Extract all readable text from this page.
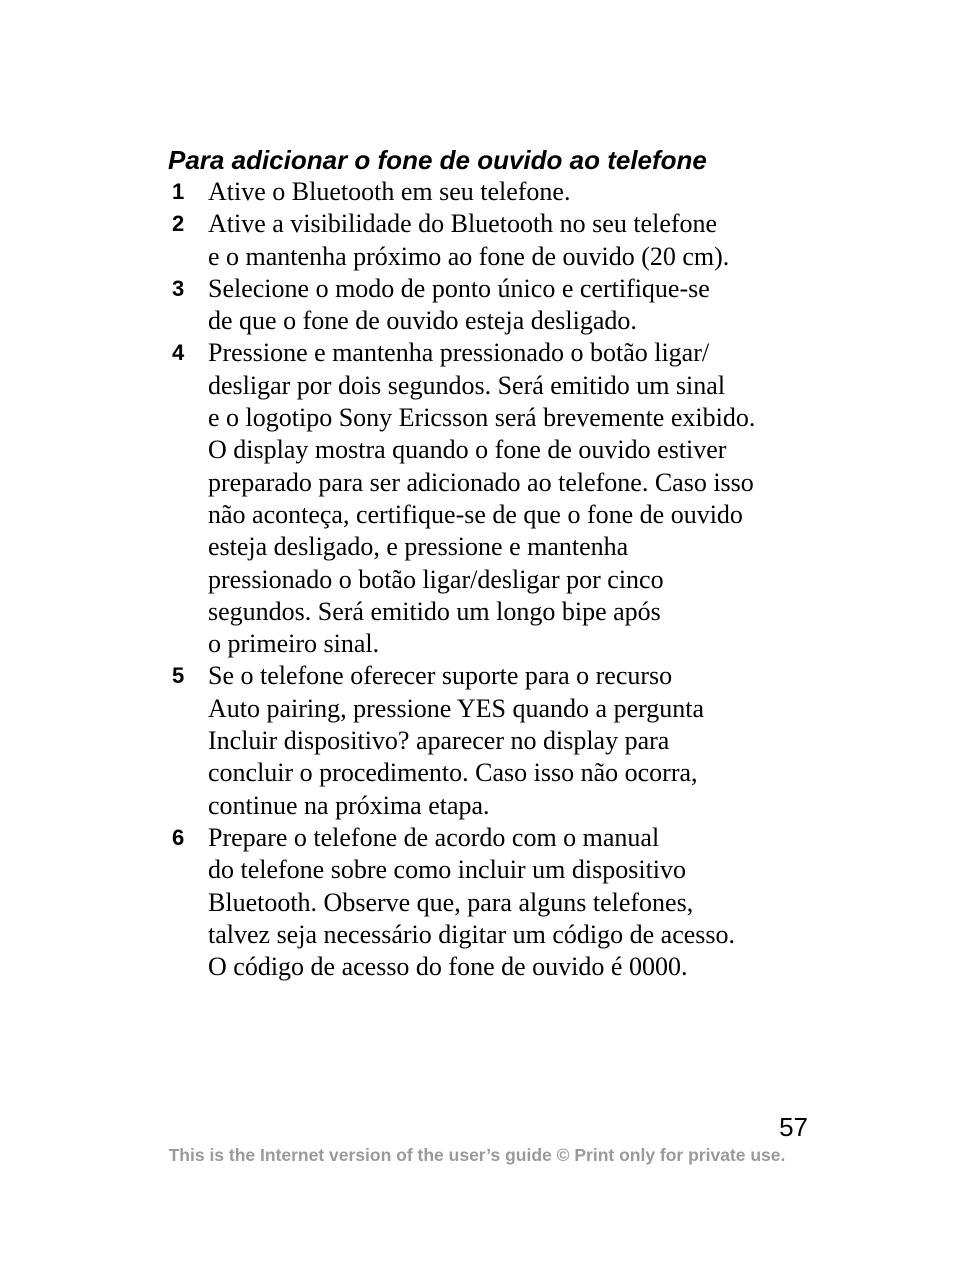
Para adicionar o fone de ouvido ao telefone
1 Ative o Bluetooth em seu telefone.
2 Ative a visibilidade do Bluetooth no seu telefone
e o mantenha próximo ao fone de ouvido (20 cm).
3 Selecione o modo de ponto único e certifique-se
de que o fone de ouvido esteja desligado.
4 Pressione e mantenha pressionado o botão ligar/
desligar por dois segundos. Será emitido um sinal
e o logotipo Sony Ericsson será brevemente exibido.
O display mostra quando o fone de ouvido estiver
preparado para ser adicionado ao telefone. Caso isso
não aconteça, certifique-se de que o fone de ouvido
esteja desligado, e pressione e mantenha
pressionado o botão ligar/desligar por cinco
segundos. Será emitido um longo bipe após
o primeiro sinal.
5 Se o telefone oferecer suporte para o recurso
Auto pairing, pressione YES quando a pergunta
Incluir dispositivo? aparecer no display para
concluir o procedimento. Caso isso não ocorra,
continue na próxima etapa.
6 Prepare o telefone de acordo com o manual
do telefone sobre como incluir um dispositivo
Bluetooth. Observe que, para alguns telefones,
talvez seja necessário digitar um código de acesso.
O código de acesso do fone de ouvido é 0000.
57
This is the Internet version of the user’s guide © Print only for private use.
